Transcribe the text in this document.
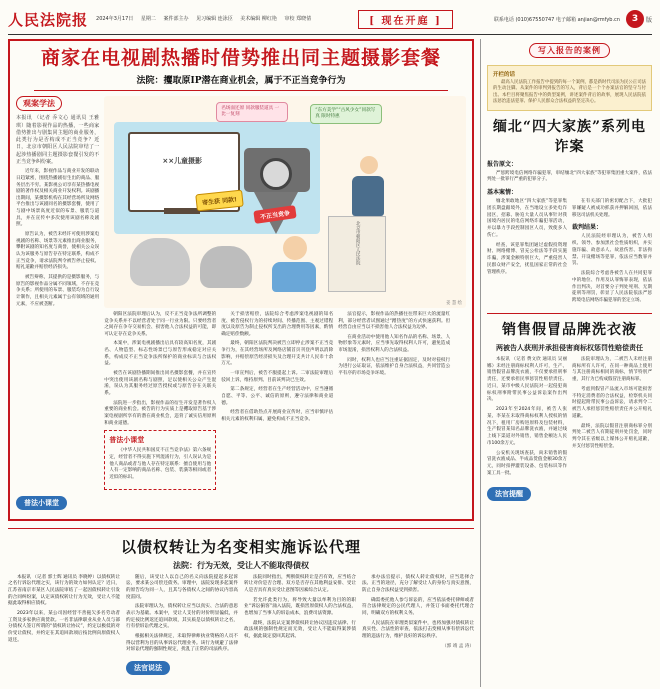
人民法院报 2024年3月17日 星期二 案件部主办 见习编辑 连泳臣 美术编辑 柳红艳 审校 郑晓倩	[ 现在开庭 ]	联系电话 (010)67550747 电子邮箱 anjian@rmfyb.cn	3	版
商家在电视剧热播时借势推出同主题摄影套餐
法院：攫取原IP潜在商业机会，属于不正当竞争行为
观案学法
本报讯 （记者 乔文心 通讯员 王雅琪）随着影视作品的热播，一些商家借势推出与剧集同主题的商业服务，此类行为是否构成不正当竞争？近日，北京市朝阳区人民法院审结了一起涉热播剧同主题摄影套餐引发的不正当竞争纠纷案。

近年来，影视作品与商业开发的联动日趋紧密，围绕热播剧衍生出的商品、服务层出不穷。某影视公司享有某热播电视剧的著作权及相关商业开发权利。该剧播出期间，某摄影机构在其经营场所及网络平台推出与该剧同名的摄影套餐，使用了与剧中场景高度近似的布景、服装与道具，并在宣传中多次使用该剧名称及剧照。

原告认为，被告未经许可使用涉案电视剧的名称、场景等元素推出商业服务，攀附该剧的知名度与商誉，使相关公众误认为该服务与原告存在特定联系，构成不正当竞争，请求法院判令被告停止侵权、赔礼道歉并赔偿经济损失。

被告辩称，其提供的是摄影服务，与原告的影视作品分属不同领域，不存在竞争关系；所使用的布景、服装均为自行设计制作，且相关元素属于公有领域的通用元素，不应被垄断。

××儿童摄影
名场面还原 同款服装道具 一比一复刻
“东方美学”“古风少女”同款写真 限时特惠
寄生获 同款!
不正当竞争
北京市朝阳区人民法院
姜 慧 绘

朝阳区法院审理后认为，反不正当竞争法所调整的竞争关系并不以经营者处于同一行业为限。只要经营者之间存在争夺交易机会、损害他人合法权益的可能，即可认定存在竞争关系。

本案中，涉案电视剧播出后具有较高知名度，其剧名、人物造型、标志性场景已与原告形成稳定对应关系，构成反不正当竞争法所保护的商业标识与合法权益。

被告在该剧热播期间推出同名摄影套餐，并在宣传中突出使用该剧名称与剧照，足以使相关公众产生混淆，误认为其服务经过原告授权或与原告存在关联关系。

法院进一步指出，影视作品的衍生开发是著作权人重要的商业机会。被告的行为实质上是攫取原告基于涉案电视剧所享有的潜在商业机会，违背了诚实信用原则和商业道德。

普法小课堂

《中华人民共和国反不正当竞争法》第六条规定，经营者不得实施下列混淆行为，引人误认为是他人商品或者与他人存在特定联系：擅自使用与他人有一定影响的商品名称、包装、装潢等相同或者近似的标识。

关于损害赔偿，法院综合考虑涉案电视剧的知名度、被告侵权行为的持续时间、传播范围、主观过错程度以及原告为制止侵权所支出的合理费用等因素，酌情确定赔偿数额。

最终，朝阳区法院判决被告立即停止涉案不正当竞争行为，在其经营场所及网络店铺首页刊登声明以消除影响，并赔偿原告经济损失及合理开支共计人民币十余万元。

一审宣判后，被告不服提起上诉。二审法院审理后驳回上诉，维持原判。目前该判决已生效。

第二条规定，经营者在生产经营活动中，应当遵循自愿、平等、公平、诚信的原则，遵守法律和商业道德。

经营者在借助热点开展商业宣传时，应当审慎评估相关元素的权利归属，避免构成不正当竞争。

法官提示，影视作品的热播往往带来巨大的流量红利，部分经营者试图通过“蹭热度”的方式快速获利。但经营自由应当以不损害他人合法权益为边界。

在商业活动中使用他人知名作品的名称、场景、人物形象等元素时，应当事先取得权利人许可，避免造成市场混淆，损害权利人的合法权益。

同时，权利人也应当注重证据固定，及时对侵权行为进行公证取证，依法维护自身合法权益，共同营造公平有序的市场竞争环境。

普法小课堂
以债权转让为名变相实施诉讼代理
法院：行为无效，受让人不能取得债权

本报讯 （记者 郭士辉 通讯员 李晓婷）以债权转让之名行诉讼代理之实，该行为的效力如何认定？近日，江苏省南京市某区人民法院审结了一起因债权转让引发的合同纠纷案，认定该债权转让行为无效，受让人不能据此取得相应债权。

2023年以来，某公司因经营不善拖欠多名劳动者工资及多家供应商货款。一名非法律职业从业人员与部分债权人签订所谓的“债权转让协议”，约定以极低的对价受让债权，并约定在其追回款项后按比例向原债权人返还。

随后，该受让人以自己的名义向法院提起多起诉讼，要求某公司偿还债务。审理中，法院发现多起案件的原告均为同一人，且其与各债权人之间的协议内容高度雷同。

法院审理认为，债权转让应当以真实、合法的意思表示为基础。本案中，受让人支付的对价明显偏低，并约定按比例返还追回款项，其实质是以债权转让之名，行有偿诉讼代理之实。

根据相关法律规定，未取得律师执业资格的人员不得以营利为目的从事诉讼代理业务。该行为规避了法律对诉讼代理的强制性规定，扰乱了正常的司法秩序。

法官说法

法院同时指出，判断债权转让是否有效，应当结合转让对价是否合理、双方是否存在其他利益安排、受让人是否具有真实受让意图等因素综合认定。

若允许此类行为，将导致大量以牟利为目的的职业“诉讼掮客”涌入法院，既损害原债权人的合法权益，也增加了当事人的诉讼成本，浪费司法资源。

最终，法院认定案涉债权转让协议因违反法律、行政法规的强制性规定而无效，受让人不能取得案涉债权，据此裁定驳回其起诉。

承办法官提示，债权人转让债权时，应当选择合法、正当的途径，充分了解受让人的身份与真实意图，防止自身合法权益受到损害。

确需委托他人参与诉讼的，应当依法委托律师或者符合法律规定的公民代理人，并签订书面委托代理合同，明确双方的权利义务。

人民法院在审理类似案件中，也将加强对债权转让真实性、合法性的审查，依法打击变相从事有偿诉讼代理的违法行为，维护良好的诉讼秩序。

（郭 靖 孟 涛）
写入报告的案例
开栏的话

最高人民法院工作报告中提到的每一个案例，都是新时代司法为民公正司法的生动注脚。从案件的审判到报告的写入，背后是一个个办案法官的坚守与付出。本栏目将聚焦报告中的典型案例，讲述案件背后的故事，展现人民法院依法惩治违法犯罪、保护人民群众合法权益的坚定决心。

缅北“四大家族”系列电诈案
报告原文：

严惩跨境电信网络诈骗犯罪，审结缅北“四大家族”等犯罪集团重大案件，依法判处一批罪行严重的犯罪分子。

基本案情：

缅北果敢地区“四大家族”等犯罪集团长期盘踞境外，在当地设立多处电诈园区，招募、胁迫大量人员从事针对我国境内居民的电信网络诈骗犯罪活动，并以暴力手段控制园区人员，致使多人伤亡。

经查，该犯罪集团通过虚假投资理财、网络赌博、冒充公检法等手段实施诈骗，涉案金额特别巨大，严重侵害人民群众财产安全，扰乱国家正常的社会管理秩序。

在有关部门的密切配合下，大批犯罪嫌疑人被成功抓获并押解回国，依法移送司法机关处理。

裁判结果：

人民法院经审理认为，被告人组织、领导、参加黑社会性质组织，并实施诈骗、故意杀人、故意伤害、非法拘禁、开设赌场等犯罪，依法应当数罪并罚。

法院综合考虑各被告人在共同犯罪中的地位、作用及认罪悔罪表现，依法作出判决，对首要分子判处死刑、无期徒刑等刑罚，彰显了人民法院依法严惩跨境电信网络诈骗犯罪的坚定立场。

销售假冒品牌洗衣液
两被告人获刑并承担侵害商标权惩罚性赔偿责任

本报讯 （记者 费文欣 通讯员 吴丽娜）未经注册商标权利人许可，生产、销售假冒品牌洗衣液，不仅要承担刑事责任，还要承担民事惩罚性赔偿责任。近日，某市中级人民法院对一起侵犯商标权刑事附带民事公益诉讼案作出判决。

2023年至2024年间，被告人张某、李某在未取得商标权利人授权的情况下，租用厂房购进原料及包装材料，生产假冒某知名品牌洗衣液，并通过线上线下渠道对外销售，销售金额达人民币100余万元。

公安机关现场查获，尚未销售的假冒洗衣液成品、半成品货值金额30余万元，同时扣押灌装设备、包装标识等作案工具一批。

法院审理认为，二被告人未经注册商标所有人许可，在同一种商品上使用与其注册商标相同的商标，情节特别严重，其行为已构成假冒注册商标罪。

考虑到假冒产品流入市场可能损害不特定消费者的合法权益，检察机关同时提起附带民事公益诉讼，请求判令二被告人承担惩罚性赔偿责任并公开赔礼道歉。

最终，法院以假冒注册商标罪分别判处二被告人有期徒刑并处罚金，同时判令其在省级以上媒体公开赔礼道歉，并支付惩罚性赔偿金。

法官提醒
